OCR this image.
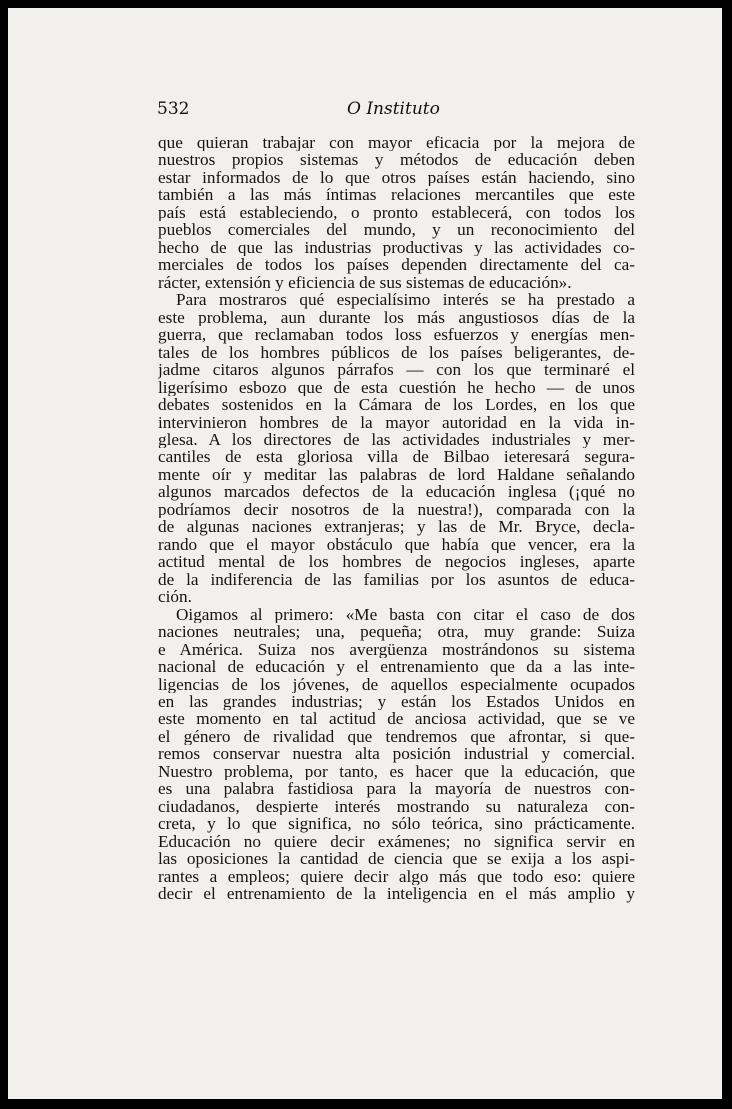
532	O Instituto
que quieran trabajar con mayor eficacia por la mejora de
nuestros propios sistemas y métodos de educación deben
estar informados de lo que otros países están haciendo, sino
también a las más íntimas relaciones mercantiles que este
país está estableciendo, o pronto establecerá, con todos los
pueblos comerciales del mundo, y un reconocimiento del
hecho de que las industrias productivas y las actividades co-
merciales de todos los países dependen directamente del ca-
rácter, extensión y eficiencia de sus sistemas de educación».
Para mostraros qué especialísimo interés se ha prestado a
este problema, aun durante los más angustiosos días de la
guerra, que reclamaban todos loss esfuerzos y energías men-
tales de los hombres públicos de los países beligerantes, de-
jadme citaros algunos párrafos — con los que terminaré el
ligerísimo esbozo que de esta cuestión he hecho — de unos
debates sostenidos en la Cámara de los Lordes, en los que
intervinieron hombres de la mayor autoridad en la vida in-
glesa. A los directores de las actividades industriales y mer-
cantiles de esta gloriosa villa de Bilbao ieteresará segura-
mente oír y meditar las palabras de lord Haldane señalando
algunos marcados defectos de la educación inglesa (¡qué no
podríamos decir nosotros de la nuestra!), comparada con la
de algunas naciones extranjeras; y las de Mr. Bryce, decla-
rando que el mayor obstáculo que había que vencer, era la
actitud mental de los hombres de negocios ingleses, aparte
de la indiferencia de las familias por los asuntos de educa-
ción.
Oigamos al primero: «Me basta con citar el caso de dos
naciones neutrales; una, pequeña; otra, muy grande: Suiza
e América. Suiza nos avergüenza mostrándonos su sistema
nacional de educación y el entrenamiento que da a las inte-
ligencias de los jóvenes, de aquellos especialmente ocupados
en las grandes industrias; y están los Estados Unidos en
este momento en tal actitud de anciosa actividad, que se ve
el género de rivalidad que tendremos que afrontar, si que-
remos conservar nuestra alta posición industrial y comercial.
Nuestro problema, por tanto, es hacer que la educación, que
es una palabra fastidiosa para la mayoría de nuestros con-
ciudadanos, despierte interés mostrando su naturaleza con-
creta, y lo que significa, no sólo teórica, sino prácticamente.
Educación no quiere decir exámenes; no significa servir en
las oposiciones la cantidad de ciencia que se exija a los aspi-
rantes a empleos; quiere decir algo más que todo eso: quiere
decir el entrenamiento de la inteligencia en el más amplio y
